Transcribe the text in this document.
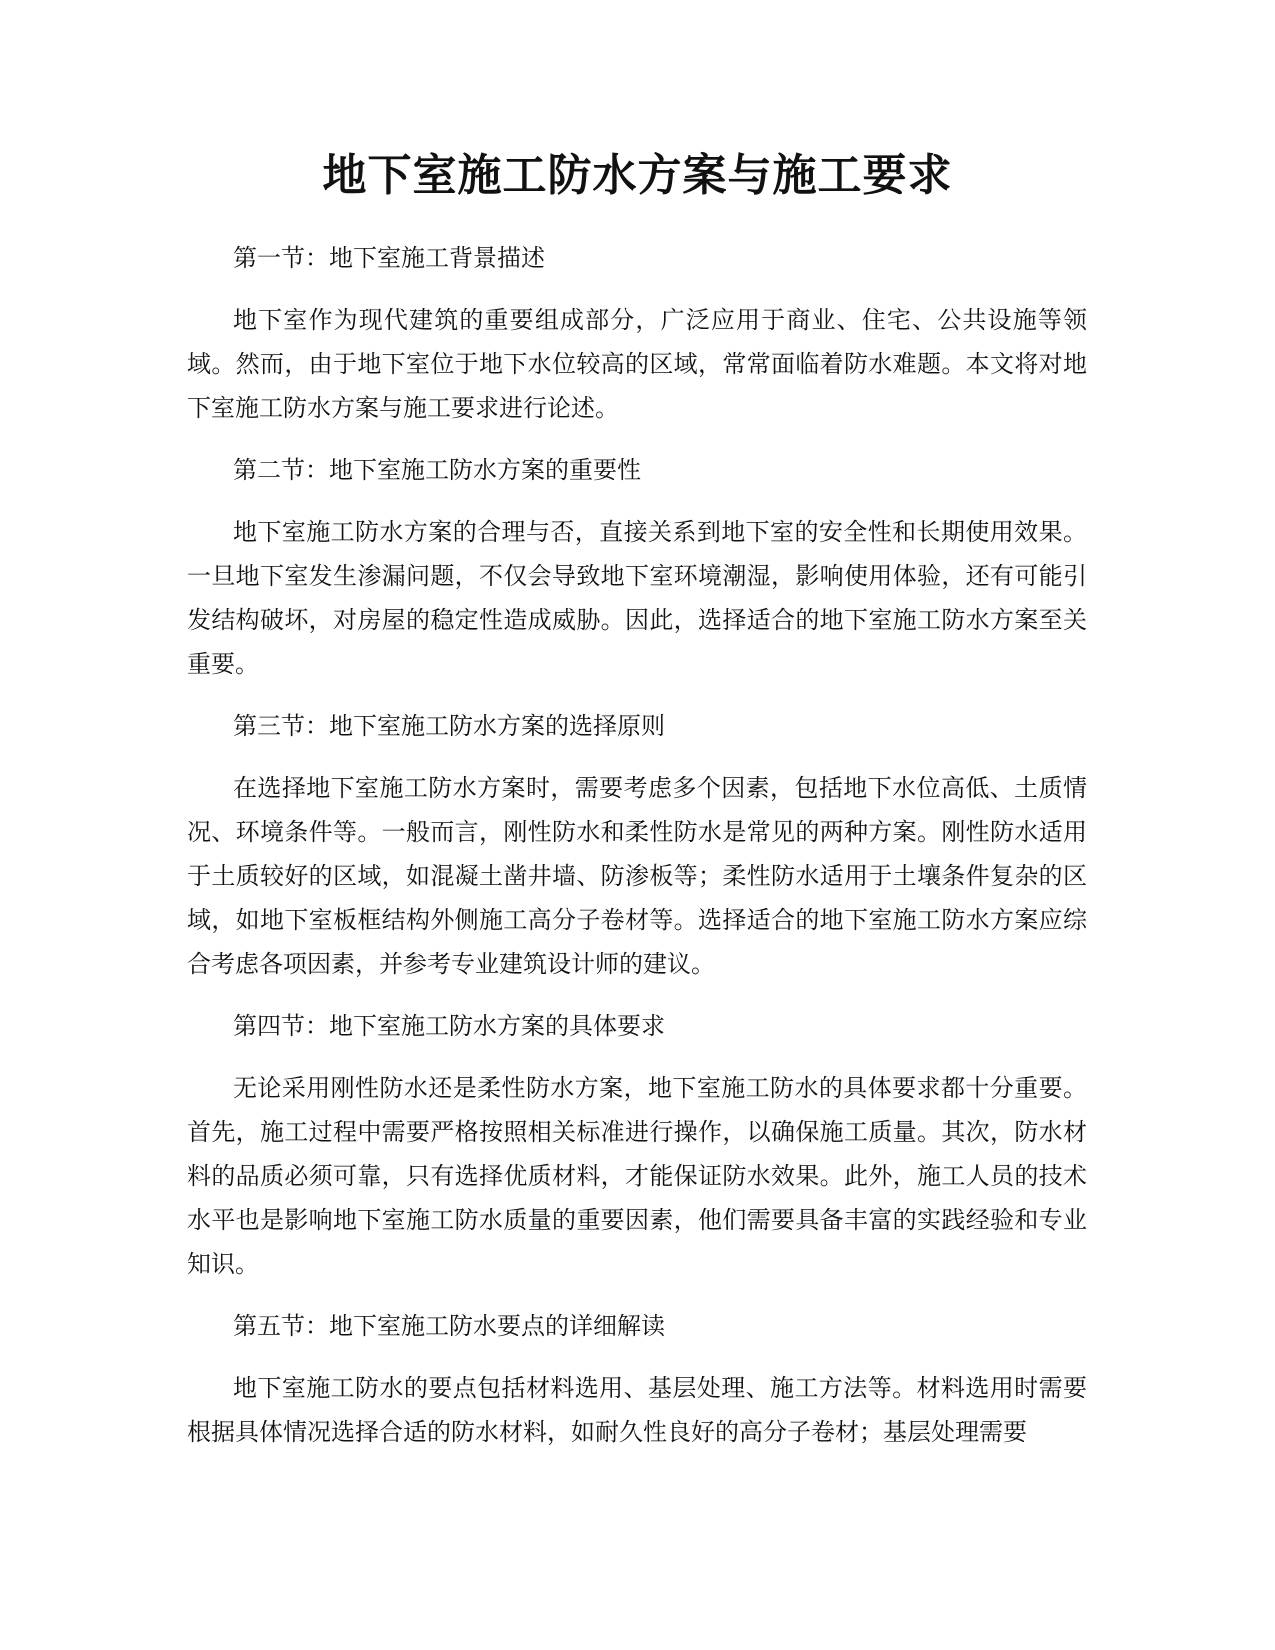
地下室施工防水方案与施工要求

第一节：地下室施工背景描述

地下室作为现代建筑的重要组成部分，广泛应用于商业、住宅、公共设施等领域。然而，由于地下室位于地下水位较高的区域，常常面临着防水难题。本文将对地下室施工防水方案与施工要求进行论述。

第二节：地下室施工防水方案的重要性

地下室施工防水方案的合理与否，直接关系到地下室的安全性和长期使用效果。一旦地下室发生渗漏问题，不仅会导致地下室环境潮湿，影响使用体验，还有可能引发结构破坏，对房屋的稳定性造成威胁。因此，选择适合的地下室施工防水方案至关重要。

第三节：地下室施工防水方案的选择原则

在选择地下室施工防水方案时，需要考虑多个因素，包括地下水位高低、土质情况、环境条件等。一般而言，刚性防水和柔性防水是常见的两种方案。刚性防水适用于土质较好的区域，如混凝土凿井墙、防渗板等；柔性防水适用于土壤条件复杂的区域，如地下室板框结构外侧施工高分子卷材等。选择适合的地下室施工防水方案应综合考虑各项因素，并参考专业建筑设计师的建议。

第四节：地下室施工防水方案的具体要求

无论采用刚性防水还是柔性防水方案，地下室施工防水的具体要求都十分重要。首先，施工过程中需要严格按照相关标准进行操作，以确保施工质量。其次，防水材料的品质必须可靠，只有选择优质材料，才能保证防水效果。此外，施工人员的技术水平也是影响地下室施工防水质量的重要因素，他们需要具备丰富的实践经验和专业知识。

第五节：地下室施工防水要点的详细解读

地下室施工防水的要点包括材料选用、基层处理、施工方法等。材料选用时需要根据具体情况选择合适的防水材料，如耐久性良好的高分子卷材；基层处理需要
